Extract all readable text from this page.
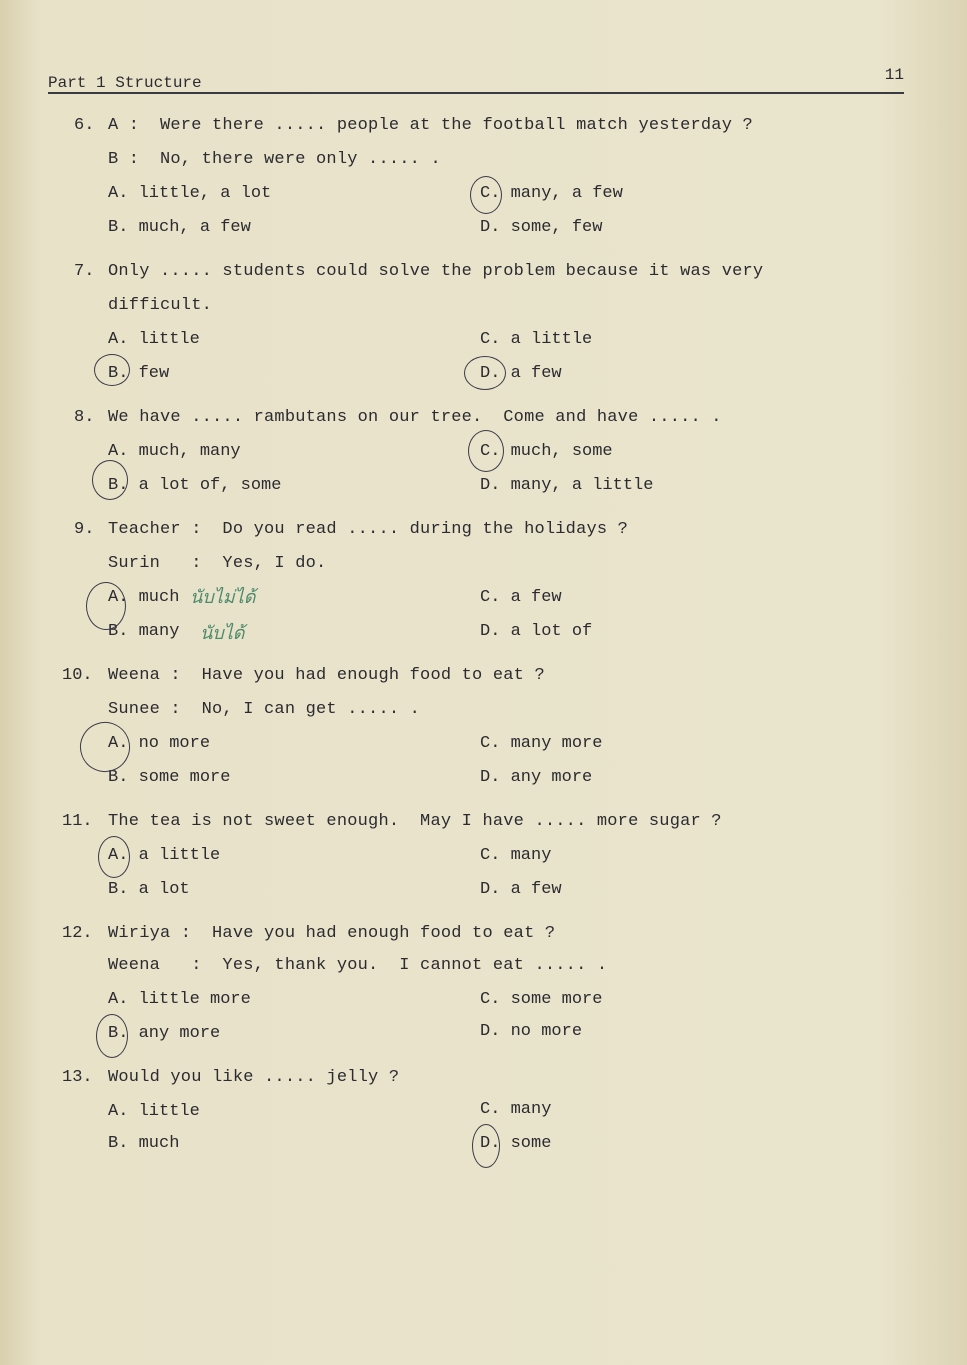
Part 1 Structure	11
6. A :  Were there ..... people at the football match yesterday ?
B :  No, there were only ..... .
A. little, a lot	C. many, a few
B. much, a few	D. some, few
7. Only ..... students could solve the problem because it was very
difficult.
A. little	C. a little
B. few	D. a few
8. We have ..... rambutans on our tree.  Come and have ..... .
A. much, many	C. much, some
B. a lot of, some	D. many, a little
9. Teacher :  Do you read ..... during the holidays ?
Surin   :  Yes, I do.
A. much นับไม่ได้	C. a few
B. many นับได้	D. a lot of
10. Weena :  Have you had enough food to eat ?
Sunee :  No, I can get ..... .
A. no more	C. many more
B. some more	D. any more
11. The tea is not sweet enough.  May I have ..... more sugar ?
A. a little	C. many
B. a lot	D. a few
12. Wiriya :  Have you had enough food to eat ?
Weena   :  Yes, thank you.  I cannot eat ..... .
A. little more	C. some more
B. any more	D. no more
13. Would you like ..... jelly ?
A. little	C. many
B. much	D. some
